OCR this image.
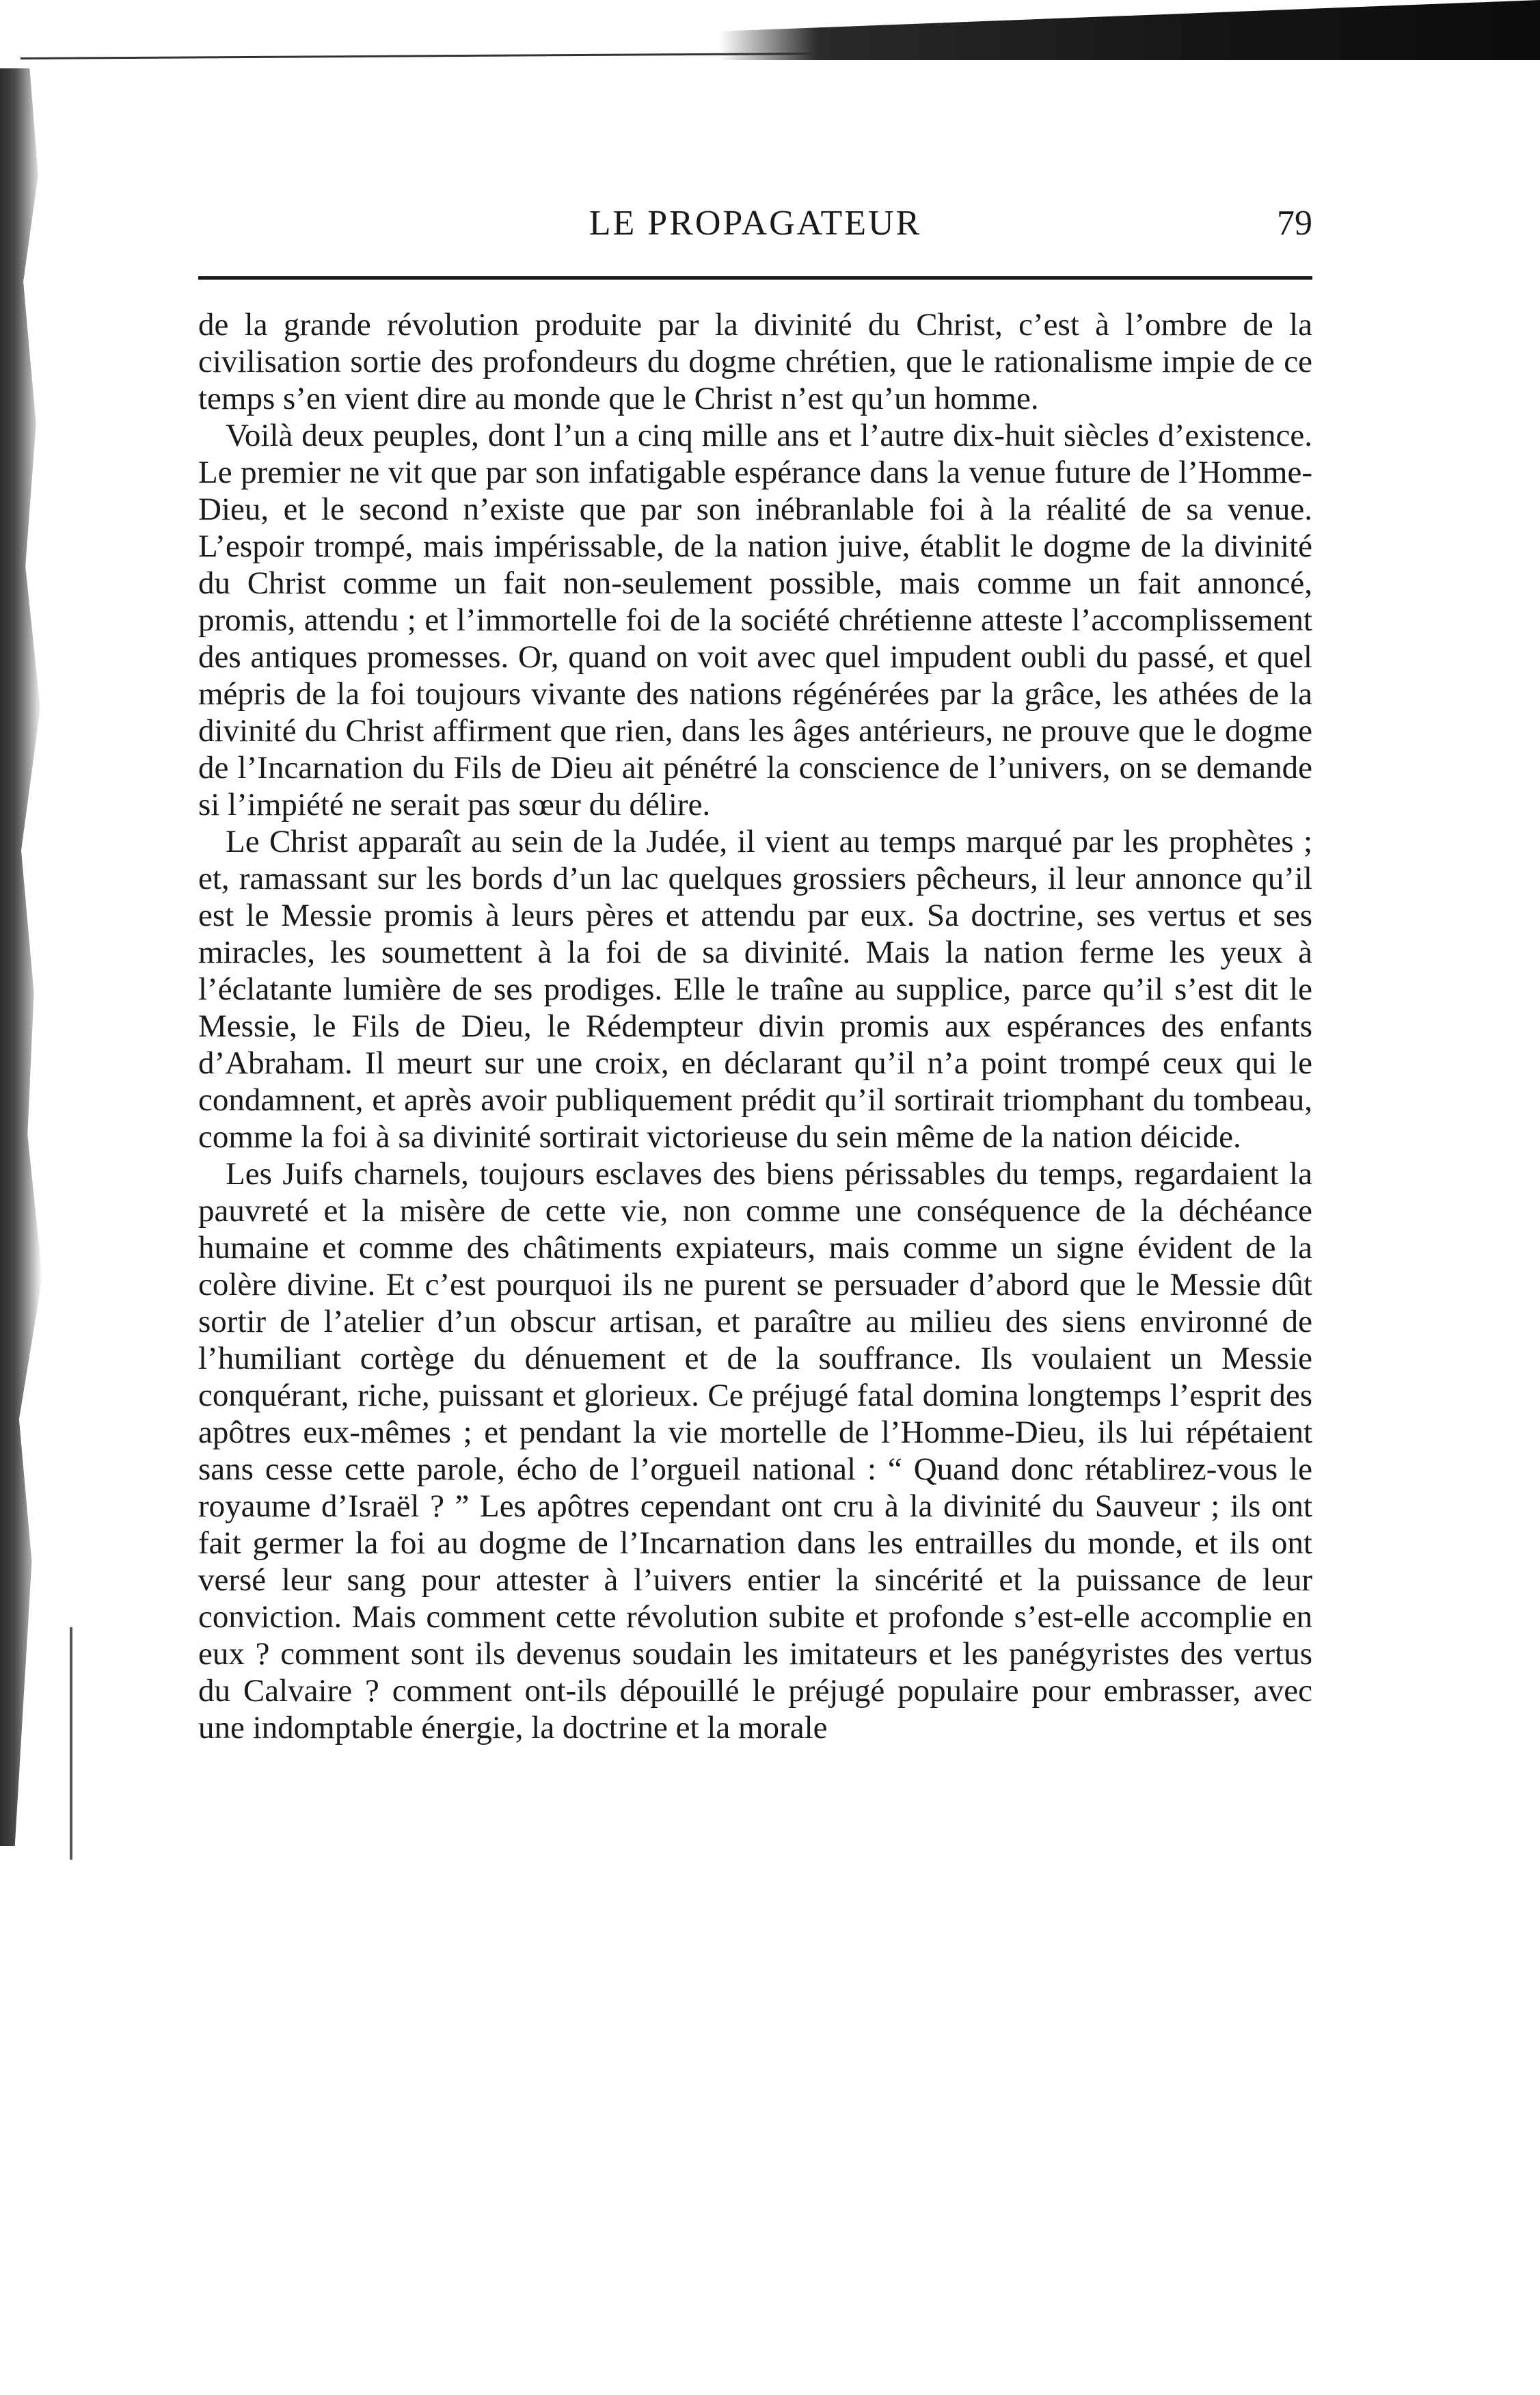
LE PROPAGATEUR	79

de la grande révolution produite par la divinité du Christ, c’est à l’ombre de la civilisation sortie des profondeurs du dogme chrétien, que le rationalisme impie de ce temps s’en vient dire au monde que le Christ n’est qu’un homme.

Voilà deux peuples, dont l’un a cinq mille ans et l’autre dix-huit siècles d’existence. Le premier ne vit que par son infatigable espérance dans la venue future de l’Homme-Dieu, et le second n’existe que par son inébranlable foi à la réalité de sa venue. L’espoir trompé, mais impérissable, de la nation juive, établit le dogme de la divinité du Christ comme un fait non-seulement possible, mais comme un fait annoncé, promis, attendu ; et l’immortelle foi de la société chrétienne atteste l’accomplissement des antiques promesses. Or, quand on voit avec quel impudent oubli du passé, et quel mépris de la foi toujours vivante des nations régénérées par la grâce, les athées de la divinité du Christ affirment que rien, dans les âges antérieurs, ne prouve que le dogme de l’Incarnation du Fils de Dieu ait pénétré la conscience de l’univers, on se demande si l’impiété ne serait pas sœur du délire.

Le Christ apparaît au sein de la Judée, il vient au temps marqué par les prophètes ; et, ramassant sur les bords d’un lac quelques grossiers pêcheurs, il leur annonce qu’il est le Messie promis à leurs pères et attendu par eux. Sa doctrine, ses vertus et ses miracles, les soumettent à la foi de sa divinité. Mais la nation ferme les yeux à l’éclatante lumière de ses prodiges. Elle le traîne au supplice, parce qu’il s’est dit le Messie, le Fils de Dieu, le Rédempteur divin promis aux espérances des enfants d’Abraham. Il meurt sur une croix, en déclarant qu’il n’a point trompé ceux qui le condamnent, et après avoir publiquement prédit qu’il sortirait triomphant du tombeau, comme la foi à sa divinité sortirait victorieuse du sein même de la nation déicide.

Les Juifs charnels, toujours esclaves des biens périssables du temps, regardaient la pauvreté et la misère de cette vie, non comme une conséquence de la déchéance humaine et comme des châtiments expiateurs, mais comme un signe évident de la colère divine. Et c’est pourquoi ils ne purent se persuader d’abord que le Messie dût sortir de l’atelier d’un obscur artisan, et paraître au milieu des siens environné de l’humiliant cortège du dénuement et de la souffrance. Ils voulaient un Messie conquérant, riche, puissant et glorieux. Ce préjugé fatal domina longtemps l’esprit des apôtres eux-mêmes ; et pendant la vie mortelle de l’Homme-Dieu, ils lui répétaient sans cesse cette parole, écho de l’orgueil national : “ Quand donc rétablirez-vous le royaume d’Israël ? ” Les apôtres cependant ont cru à la divinité du Sauveur ; ils ont fait germer la foi au dogme de l’Incarnation dans les entrailles du monde, et ils ont versé leur sang pour attester à l’uivers entier la sincérité et la puissance de leur conviction. Mais comment cette révolution subite et profonde s’est-elle accomplie en eux ? comment sont ils devenus soudain les imitateurs et les panégyristes des vertus du Calvaire ? comment ont-ils dépouillé le préjugé populaire pour embrasser, avec une indomptable énergie, la doctrine et la morale
